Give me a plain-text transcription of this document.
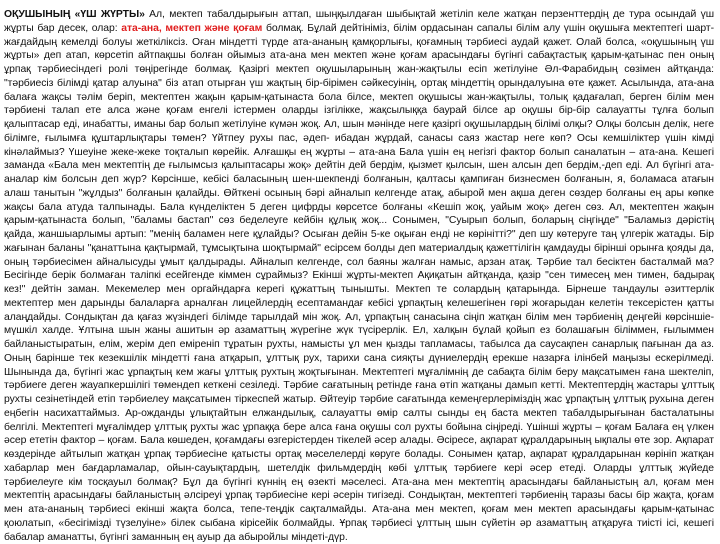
ОҚУШЫНЫҢ «ҮШ ЖҮРТЫ» Ал, мектеп табалдырығын аттап, шыңқылдаған шыбықтай жетіліп келе жатқан перзенттердің де тура осындай үш жұрты бар десек, олар: ата-ана, мектеп және қоғам болмақ. Бұлай дейтініміз, білім ордасынан сапалы білім алу үшін оқушыға мектептегі шарт-жағдайдың кемелді болуы жеткіліксіз. Оған міндетті түрде ата-ананың қамқорлығы, қоғамның тәрбиесі аудай қажет. Олай болса, «оқушының үш жұрты» деп атап, көрсетіп айтпақшы болған ойымыз ата-ана мен мектеп және қоғам арасындағы бүгінгі сабақтастық қарым-қатынас пен оның ұрпақ тәрбиесіндегі ролі төңірегінде болмақ. Қазіргі мектеп оқушыларының жан-жақтылы есіп жетілуіне Әл-Фарабидың сөзімен айтқанда: "тәрбиесіз білімді қатар алуына" біз атап отырған үш жақтың бір-бірімен сәйкесуінің, ортақ міндеттің орындалуына өте қажет. Асылында, ата-ана балаға жақсы тәлім беріп, мектептен жақын қарым-қатынаста бола білсе, мектеп оқушысы жан-жақтылы, толық қадағалап, берген білім мен тәрбиені талап ете алса және қоғам енгелі істермен оларды ізгілікке, жақсылыққа баурай білсе ар оқушы бір-бір салауатты тұлға болып қалыптасар еді, инабатты, иманы бар болып жетілуіне күмән жоқ. Ал, шын мәнінде неге қазіргі оқушылардың білімі олқы? Олқы болсын делік, неге білімге, ғылымға құштарлықтары төмен? Үйтпеу рухы пас, әдеп- ибадан жұрдай, санасы саяз жастар неге көп? Осы кемшіліктер үшін кімді кінәлаймыз? Үшеуіне жеке-жеке тоқталып көрейік. Алғашқы ең жұрты – ата-ана Бала үшін ең негізгі фактор болып саналатын – ата-ана. Кешегі заманда «Бала мен мектептің де ғылымсыз қалыптасары жоқ» дейтін дей бердім, қызмет қылсын, шен алсын деп бердім,-деп еді. Ал бүгінгі ата-аналар кім болсын деп жүр? Көрсінше, кебісі баласының шен-шекпенді болғанын, қалтасы қампиған бизнесмен болғанын, я, боламаса атағын алаш танытын "жұлдыз" болғанын қалайды. Өйткені осының бәрі айналып келгенде атақ, абырой мен ақша деген сөздер болғаны ең ары көпке жақсы бала атуда талпынады. Бала күнделіктен 5 деген цифрды көрсетсе болғаны «Кешіп жоқ, уайым жоқ» деген сөз. Ал, мектептен жақын қарым-қатынаста болып, "баламы бастап" сөз беделеуге кейбін құлық жоқ... Сонымен, "Суырып болып, боларың сіңгіңде" "Баламыз дәрістің қайда, жаншыарлымы артып: "менің баламен неге құлайды? Осыған дейін 5-ке оқыған енді не көрінітті?" деп шу көтеруге таң үлгерік жатады. Бір жағынан баланы "қанаттына қақтырмай, тұмсықтына шоқтырмай" есірсем болды деп материалдық қажеттілігін қамдауды бірінші орынға қояды да, оның тәрбиесімен айналысуды ұмыт қалдырады. Айналып келгенде, сол баяны жалған намыс, арзан атақ. Тәрбие тал бесіктен басталмай ма? Бесігінде берік болмаған таліпкі есейгенде кіммен сұраймыз? Екінші жұрты-мектеп Ақиқатын айтқанда, қазір "сен тимесең мен тимен, бадырақ кез!" дейтін заман. Мекемелер мен оргайндарға керегі құжаттың тынышты. Мектеп те солардың қатарында. Бірнеше тандаулы әзиттерлік мектептер мен дарынды балаларға арналған лицейлердің есептамандағ кебісі ұрпақтың келешегінен гөрі жоғарыдан келетін тексерістен қатты алаңдайды. Сондықтан да қағаз жүзіндегі білімде тарылдай мін жоқ. Ал, ұрпақтың санасына сіңіп жатқан білім мен тәрбиенің деңгейі көрсіншіе- мүшкіл халде. Ұлтына шын жаны ашитын әр азаматтың жүрегіне жүк түсірерлік. Ел, халқын бұлай қойып ез болашағын біліммен, ғылыммен байланыстыратын, елім, жерім деп еміреніп тұратын рухты, намысты ұл мен қызды тапламасы, табылса да саусақпен санарлық пағынан да аз. Оның барінше тек кезекшілік міндетті ғана атқарып, ұлттық рух, тарихи сана сияқты дүниелердің ерекше назарға ілінбей маңызы ескерілмеді. Шынында да, бүгінгі жас ұрпақтың кем жағы ұлттық рухтың жоқтығынан. Мектептегі мұғалімнің де сабақта білім беру мақсатымен ғана шектеліп, тәрбиеге деген жауапкершілігі төмендеп кеткені сезіледі. Тәрбие сағатының ретінде ғана өтіп жатқаны дамып кетті. Мектептердің жастары ұлттық рухты сезінетіндей етіп тәрбиелеу мақсатымен тіркеспей жатыр. Әйтеуір тәрбие сағатында кемеңгерлеріміздің жас ұрпақтың ұлттық рухына деген еңбегін насихаттаймыз. Ар-ожданды ұлықтайтын елжандылық, салауатты өмір салты сынды ең баста мектеп табалдырығынан басталатыны белгілі. Мектептегі мұғалімдер ұлттық рухты жас ұрпаққа бере алса ғана оқушы сол рухты бойына сіңіреді. Үшінші жұрты – қоғам Балаға ең үлкен әсер ететін фактор – қоғам. Бала көшеден, қоғамдағы өзгерістерден тікелей әсер алады. Әсіресе, ақпарат құралдарының ықпалы өте зор. Ақпарат көздерінде айтылып жатқан ұрпақ тәрбиесіне қатысты ортақ мәселелерді көруге болады. Сонымен қатар, ақпарат құралдарынан көрініп жатқан хабарлар мен бағдарламалар, ойын-сауықтардың, шетелдік фильмдердің көбі ұлттық тәрбиеге кері әсер етеді. Оларды ұлттық жүйеде тәрбиелеуге кім тосқауыл болмақ? Бұл да бүгінгі күннің ең өзекті мәселесі. Ата-ана мен мектептің арасындағы байланыстың ал, қоғам мен мектептің арасындағы байланыстың әлсіреуі ұрпақ тәрбиесіне кері әсерін тигізеді. Сондықтан, мектептегі тәрбиенің таразы басы бір жақта, қоғам мен ата-ананың тәрбиесі екінші жақта болса, тепе-теңдік сақталмайды. Ата-ана мен мектеп, қоғам мен мектеп арасындағы қарым-қатынас қоюлатып, «бесігімізді түзелуіне» білек сыбана кірісейік болмайды. Ұрпақ тәрбиесі ұлттың шын сүйетін әр азаматтың атқаруға тиісті ісі, кешегі бабалар аманатты, бүгінгі заманның ең ауыр да абыройлы міндеті-дүр.
